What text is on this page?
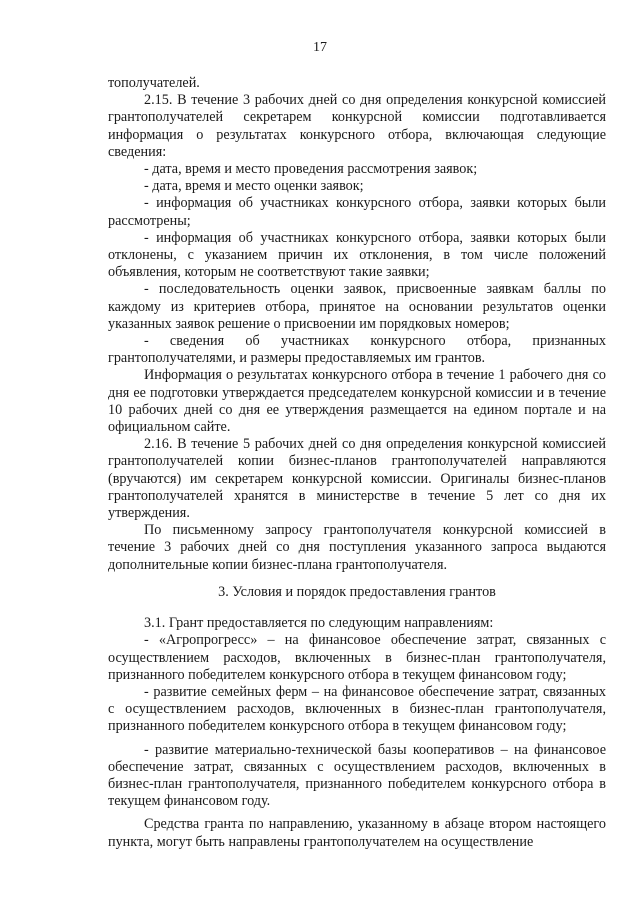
17

тополучателей.

2.15. В течение 3 рабочих дней со дня определения конкурсной комиссией грантополучателей секретарем конкурсной комиссии подготавливается информация о результатах конкурсного отбора, включающая следующие сведения:

- дата, время и место проведения рассмотрения заявок;

- дата, время и место оценки заявок;

- информация об участниках конкурсного отбора, заявки которых были рассмотрены;

- информация об участниках конкурсного отбора, заявки которых были отклонены, с указанием причин их отклонения, в том числе положений объявления, которым не соответствуют такие заявки;

- последовательность оценки заявок, присвоенные заявкам баллы по каждому из критериев отбора, принятое на основании результатов оценки указанных заявок решение о присвоении им порядковых номеров;

- сведения об участниках конкурсного отбора, признанных грантополучателями, и размеры предоставляемых им грантов.

Информация о результатах конкурсного отбора в течение 1 рабочего дня со дня ее подготовки утверждается председателем конкурсной комиссии и в течение 10 рабочих дней со дня ее утверждения размещается на едином портале и на официальном сайте.

2.16. В течение 5 рабочих дней со дня определения конкурсной комиссией грантополучателей копии бизнес-планов грантополучателей направляются (вручаются) им секретарем конкурсной комиссии. Оригиналы бизнес-планов грантополучателей хранятся в министерстве в течение 5 лет со дня их утверждения.

По письменному запросу грантополучателя конкурсной комиссией в течение 3 рабочих дней со дня поступления указанного запроса выдаются дополнительные копии бизнес-плана грантополучателя.

3. Условия и порядок предоставления грантов

3.1. Грант предоставляется по следующим направлениям:

- «Агропрогресс» – на финансовое обеспечение затрат, связанных с осуществлением расходов, включенных в бизнес-план грантополучателя, признанного победителем конкурсного отбора в текущем финансовом году;

- развитие семейных ферм – на финансовое обеспечение затрат, связанных с осуществлением расходов, включенных в бизнес-план грантополучателя, признанного победителем конкурсного отбора в текущем финансовом году;

- развитие материально-технической базы кооперативов – на финансовое обеспечение затрат, связанных с осуществлением расходов, включенных в бизнес-план грантополучателя, признанного победителем конкурсного отбора в текущем финансовом году.

Средства гранта по направлению, указанному в абзаце втором настоящего пункта, могут быть направлены грантополучателем на осуществление
